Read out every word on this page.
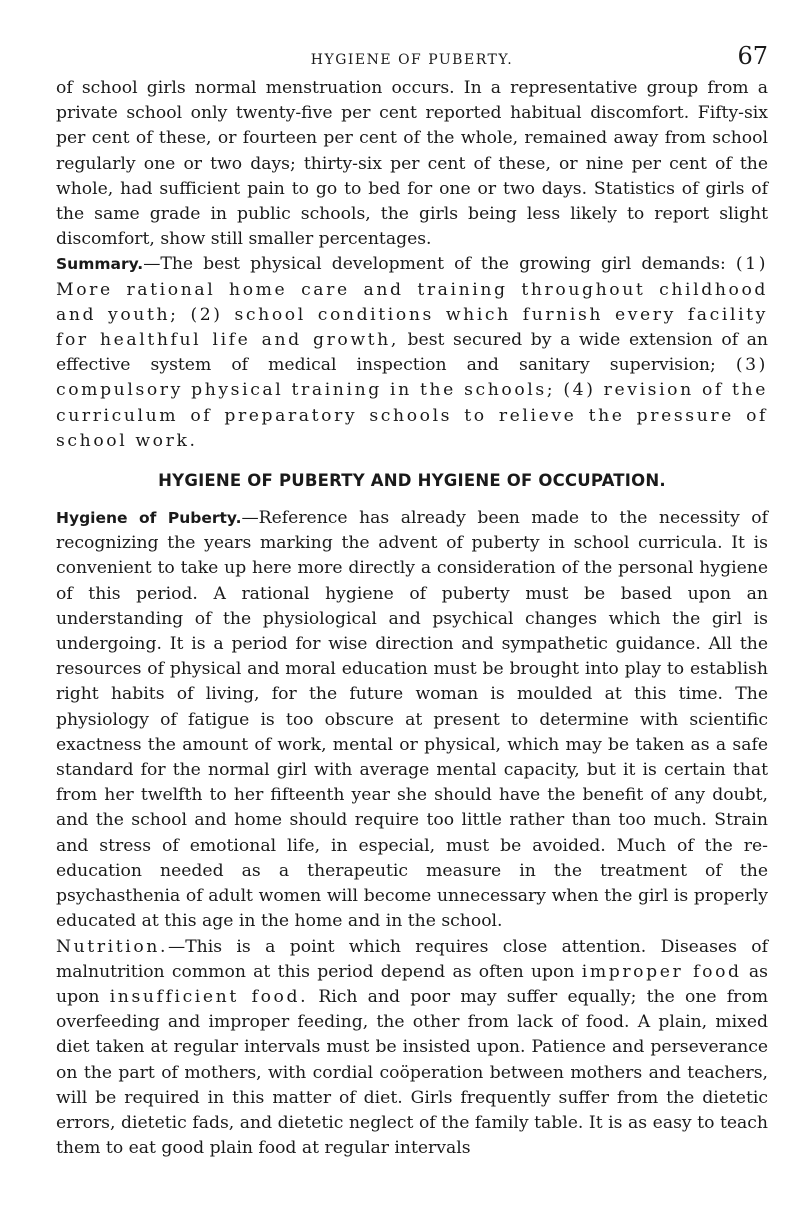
HYGIENE OF PUBERTY.	67

of school girls normal menstruation occurs. In a representative group from a private school only twenty-five per cent reported habitual discomfort. Fifty-six per cent of these, or fourteen per cent of the whole, remained away from school regularly one or two days; thirty-six per cent of these, or nine per cent of the whole, had sufficient pain to go to bed for one or two days. Statistics of girls of the same grade in public schools, the girls being less likely to report slight discomfort, show still smaller percentages.

Summary.—The best physical development of the growing girl demands: (1) More rational home care and training throughout childhood and youth; (2) school conditions which furnish every facility for healthful life and growth, best secured by a wide extension of an effective system of medical inspection and sanitary supervision; (3) compulsory physical training in the schools; (4) revision of the curriculum of preparatory schools to relieve the pressure of school work.

HYGIENE OF PUBERTY AND HYGIENE OF OCCUPATION.

Hygiene of Puberty.—Reference has already been made to the necessity of recognizing the years marking the advent of puberty in school curricula. It is convenient to take up here more directly a consideration of the personal hygiene of this period. A rational hygiene of puberty must be based upon an understanding of the physiological and psychical changes which the girl is undergoing. It is a period for wise direction and sympathetic guidance. All the resources of physical and moral education must be brought into play to establish right habits of living, for the future woman is moulded at this time. The physiology of fatigue is too obscure at present to determine with scientific exactness the amount of work, mental or physical, which may be taken as a safe standard for the normal girl with average mental capacity, but it is certain that from her twelfth to her fifteenth year she should have the benefit of any doubt, and the school and home should require too little rather than too much. Strain and stress of emotional life, in especial, must be avoided. Much of the re-education needed as a therapeutic measure in the treatment of the psychasthenia of adult women will become unnecessary when the girl is properly educated at this age in the home and in the school.

Nutrition.—This is a point which requires close attention. Diseases of malnutrition common at this period depend as often upon improper food as upon insufficient food. Rich and poor may suffer equally; the one from overfeeding and improper feeding, the other from lack of food. A plain, mixed diet taken at regular intervals must be insisted upon. Patience and perseverance on the part of mothers, with cordial coöperation between mothers and teachers, will be required in this matter of diet. Girls frequently suffer from the dietetic errors, dietetic fads, and dietetic neglect of the family table. It is as easy to teach them to eat good plain food at regular intervals
